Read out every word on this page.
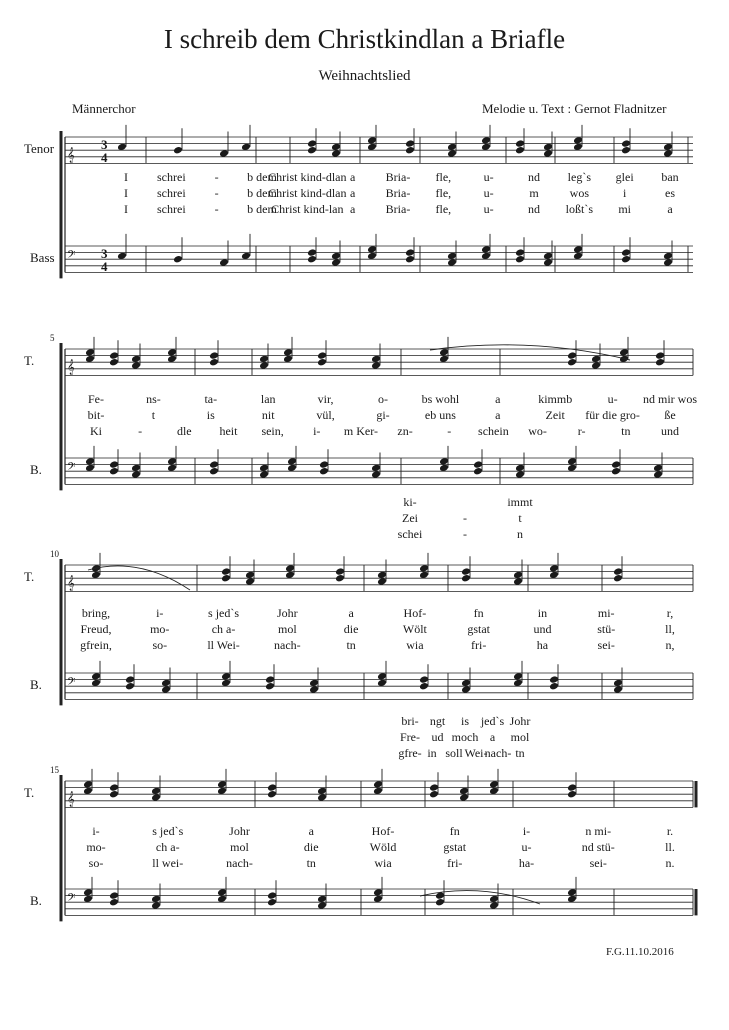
I schreib dem Christkindlan a Briafle
Weihnachtslied
Männerchor	Melodie u. Text : Gernot Fladnitzer
F.G.11.10.2016
𝄞
𝄢
3
4
3
4
Tenor
Bass
I schrei - b dem
Christ kind-dlan a	Bria- fle,	u-	nd leg`s glei ban
I schrei - b dem
Christ kind-dlan a	Bria- fle,	u-	m	wos	i	es
I schrei - b dem
Christ kind-lan a	Bria- fle,	u-	nd loßt`s mi	a
𝄞
𝄢
T.
B.
5
Fe-	ns-	ta-	lan	vir,	o-	bs wohl	a	kimmb	u- nd mir wos
bit-	t	is	nit	vül,	gi-	eb uns	a	Zeit für die gro- ße
Ki	-	dle heit sein, i- m Ker- zn-	- schein wo-	r-	tn	und
ki-	immt
Zei	-	t
schei	-	n
𝄞
𝄢
T.
B.
10
bring,	i-	s jed`s	Johr	a	Hof-	fn	in	mi-	r,
Freud,	mo-	ch a-	mol	die	Wölt	gstat	und	stü-	ll,
gfrein,	so-	ll Wei-	nach-	tn	wia	fri-	ha	sei-	n,
bri- ngt is jed`s Johr
Fre- ud moch a mol
gfre- in soll Wei-
nach- tn
𝄞
𝄢
T.
B.
15
i-	s jed`s	Johr	a	Hof-	fn	i-	n mi-	r.
mo-	ch a-	mol	die	Wöld	gstat	u-	nd stü-	ll.
so-	ll wei-	nach-	tn	wia	fri-	ha-	sei-	n.
